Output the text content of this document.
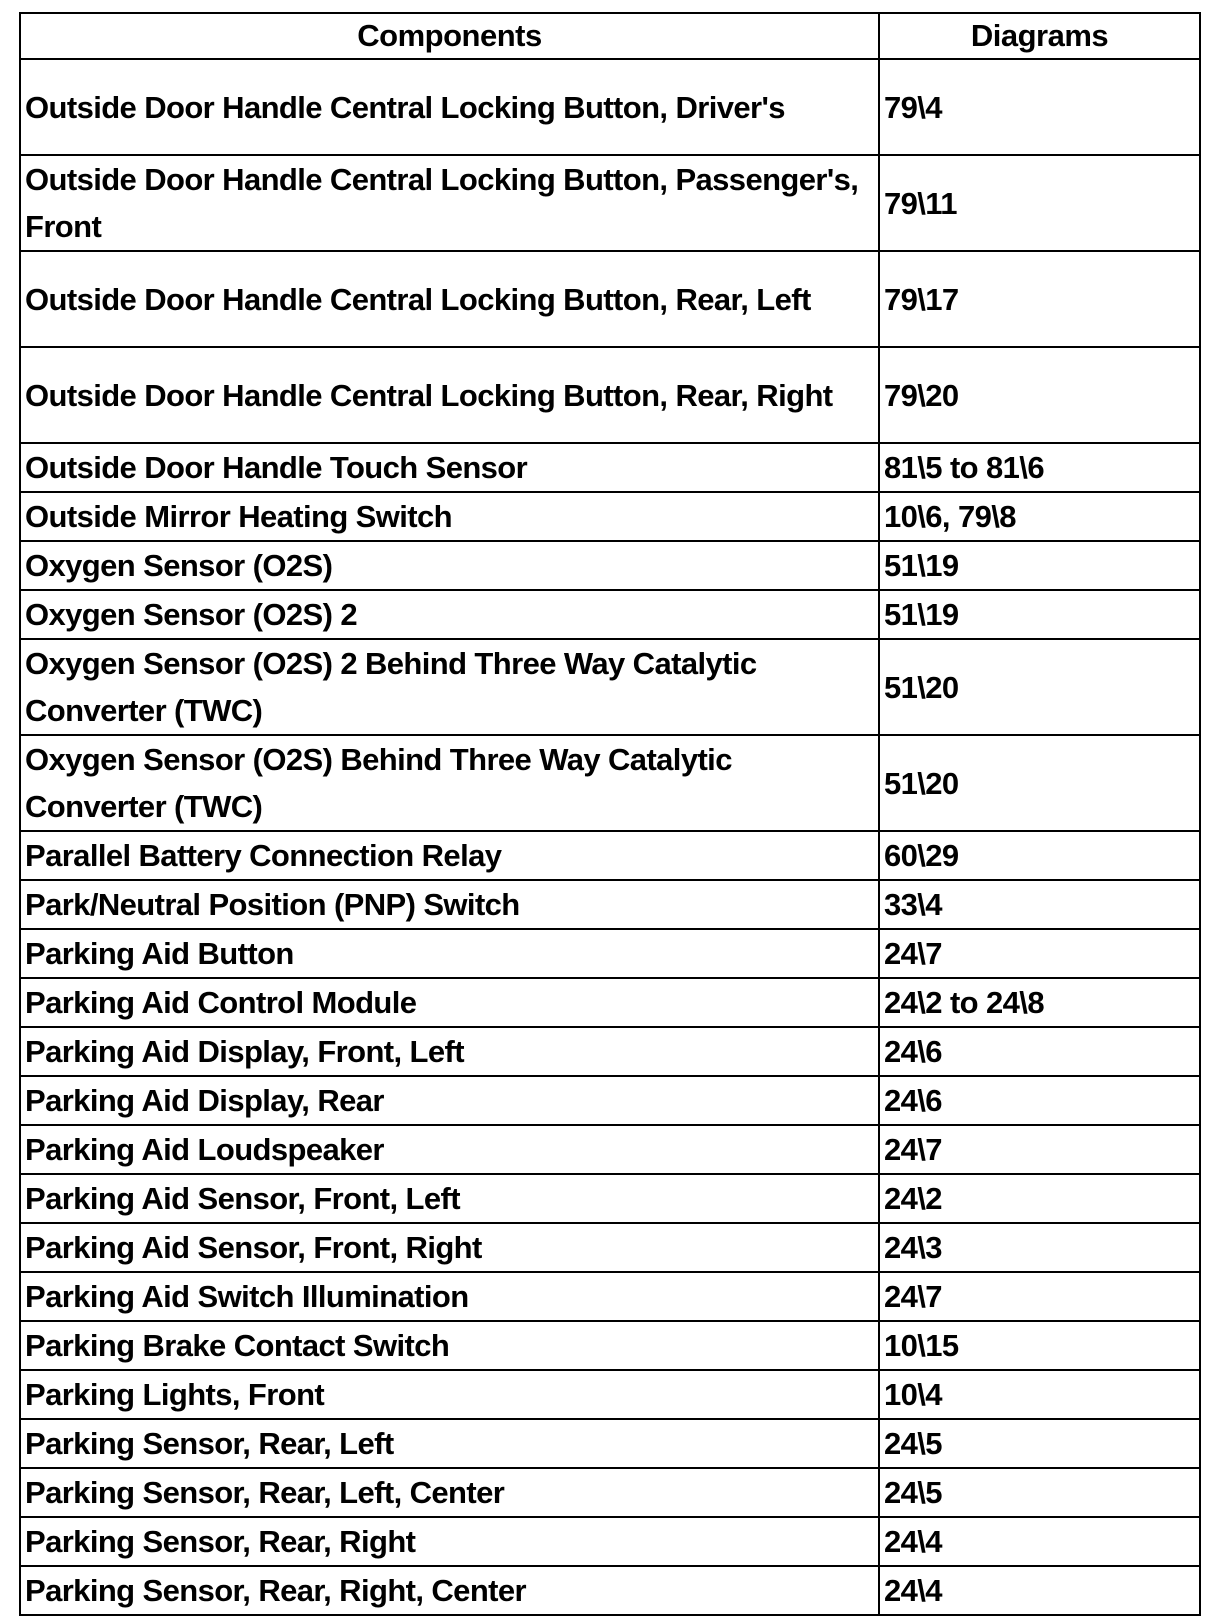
Components	Diagrams
Outside Door Handle Central Locking Button, Driver's	79\4
Outside Door Handle Central Locking Button, Passenger's, Front	79\11
Outside Door Handle Central Locking Button, Rear, Left	79\17
Outside Door Handle Central Locking Button, Rear, Right	79\20
Outside Door Handle Touch Sensor	81\5 to 81\6
Outside Mirror Heating Switch	10\6, 79\8
Oxygen Sensor (O2S)	51\19
Oxygen Sensor (O2S) 2	51\19
Oxygen Sensor (O2S) 2 Behind Three Way Catalytic Converter (TWC)	51\20
Oxygen Sensor (O2S) Behind Three Way Catalytic Converter (TWC)	51\20
Parallel Battery Connection Relay	60\29
Park/Neutral Position (PNP) Switch	33\4
Parking Aid Button	24\7
Parking Aid Control Module	24\2 to 24\8
Parking Aid Display, Front, Left	24\6
Parking Aid Display, Rear	24\6
Parking Aid Loudspeaker	24\7
Parking Aid Sensor, Front, Left	24\2
Parking Aid Sensor, Front, Right	24\3
Parking Aid Switch Illumination	24\7
Parking Brake Contact Switch	10\15
Parking Lights, Front	10\4
Parking Sensor, Rear, Left	24\5
Parking Sensor, Rear, Left, Center	24\5
Parking Sensor, Rear, Right	24\4
Parking Sensor, Rear, Right, Center	24\4
